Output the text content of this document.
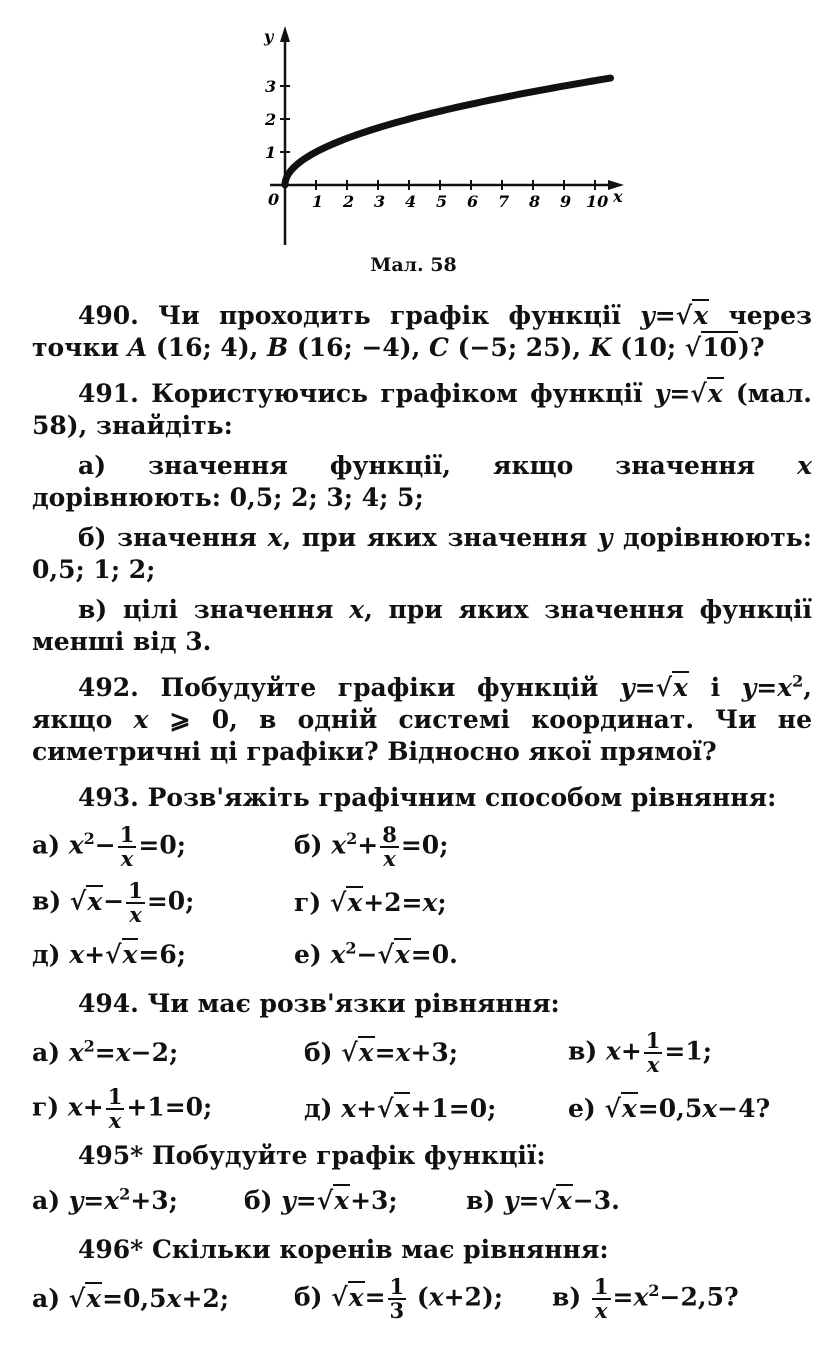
y
x
0 1 2 3 4 5 6 7 8 9 10
1
2
3
Мал. 58

490. Чи проходить графік функції y=√x через точки A (16; 4), B (16; −4), C (−5; 25), K (10; √10)?

491. Користуючись графіком функції y=√x (мал. 58), знайдіть:

а) значення функції, якщо значення x дорівнюють: 0,5; 2; 3; 4; 5;

б) значення x, при яких значення y дорівнюють: 0,5; 1; 2;

в) цілі значення x, при яких значення функції менші від 3.

492. Побудуйте графіки функцій y=√x і $y=x^2$, якщо x ⩾ 0, в одній системі координат. Чи не симетричні ці графіки? Відносно якої прямої?

493. Розв'яжіть графічним способом рівняння:

а) $x^2- \frac{1}{x} =0$;	б) $x^2+ \frac{8}{x} =0$;
в) $√x- \frac{1}{x} =0$;	г) √x+2=x;
д) x+√x=6;	е) $x^2-√x=0$.

494. Чи має розв'язки рівняння:

а) $x^2=x-2$;	б) √x=x+3;	в) $x+ \frac{1}{x} =1$;
г) $x+ \frac{1}{x} +1=0$;	д) x+√x+1=0;	е) √x=0,5x−4?

495* Побудуйте графік функції:

а) $y=x^2+3$;	б) y=√x+3;	в) y=√x−3.

496* Скільки коренів має рівняння:

а) √x=0,5x+2;	б) $√x= \frac{1}{3} (x+2)$;	$в) \frac{1}{x} =x^2-2,5$?
